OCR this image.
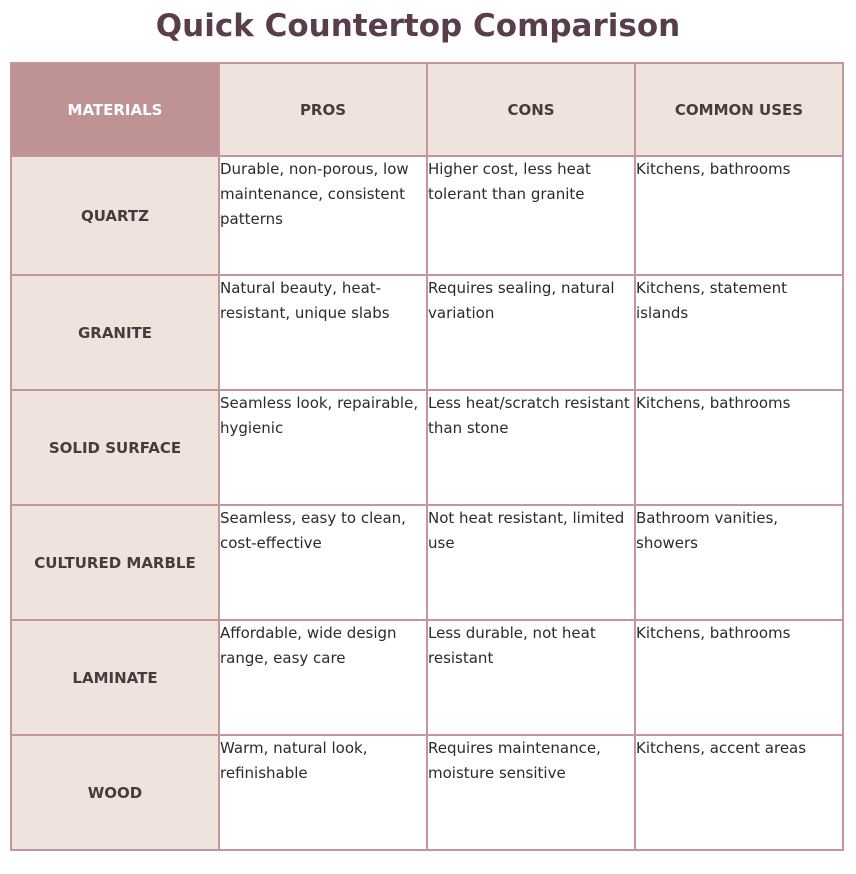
Quick Countertop Comparison
MATERIALS	PROS	CONS	COMMON USES
QUARTZ	Durable, non-porous, low maintenance, consistent patterns	Higher cost, less heat tolerant than granite	Kitchens, bathrooms
GRANITE	Natural beauty, heat-resistant, unique slabs	Requires sealing, natural variation	Kitchens, statement islands
SOLID SURFACE	Seamless look, repairable, hygienic	Less heat/scratch resistant than stone	Kitchens, bathrooms
CULTURED MARBLE	Seamless, easy to clean, cost-effective	Not heat resistant, limited use	Bathroom vanities, showers
LAMINATE	Affordable, wide design range, easy care	Less durable, not heat resistant	Kitchens, bathrooms
WOOD	Warm, natural look, refinishable	Requires maintenance, moisture sensitive	Kitchens, accent areas
